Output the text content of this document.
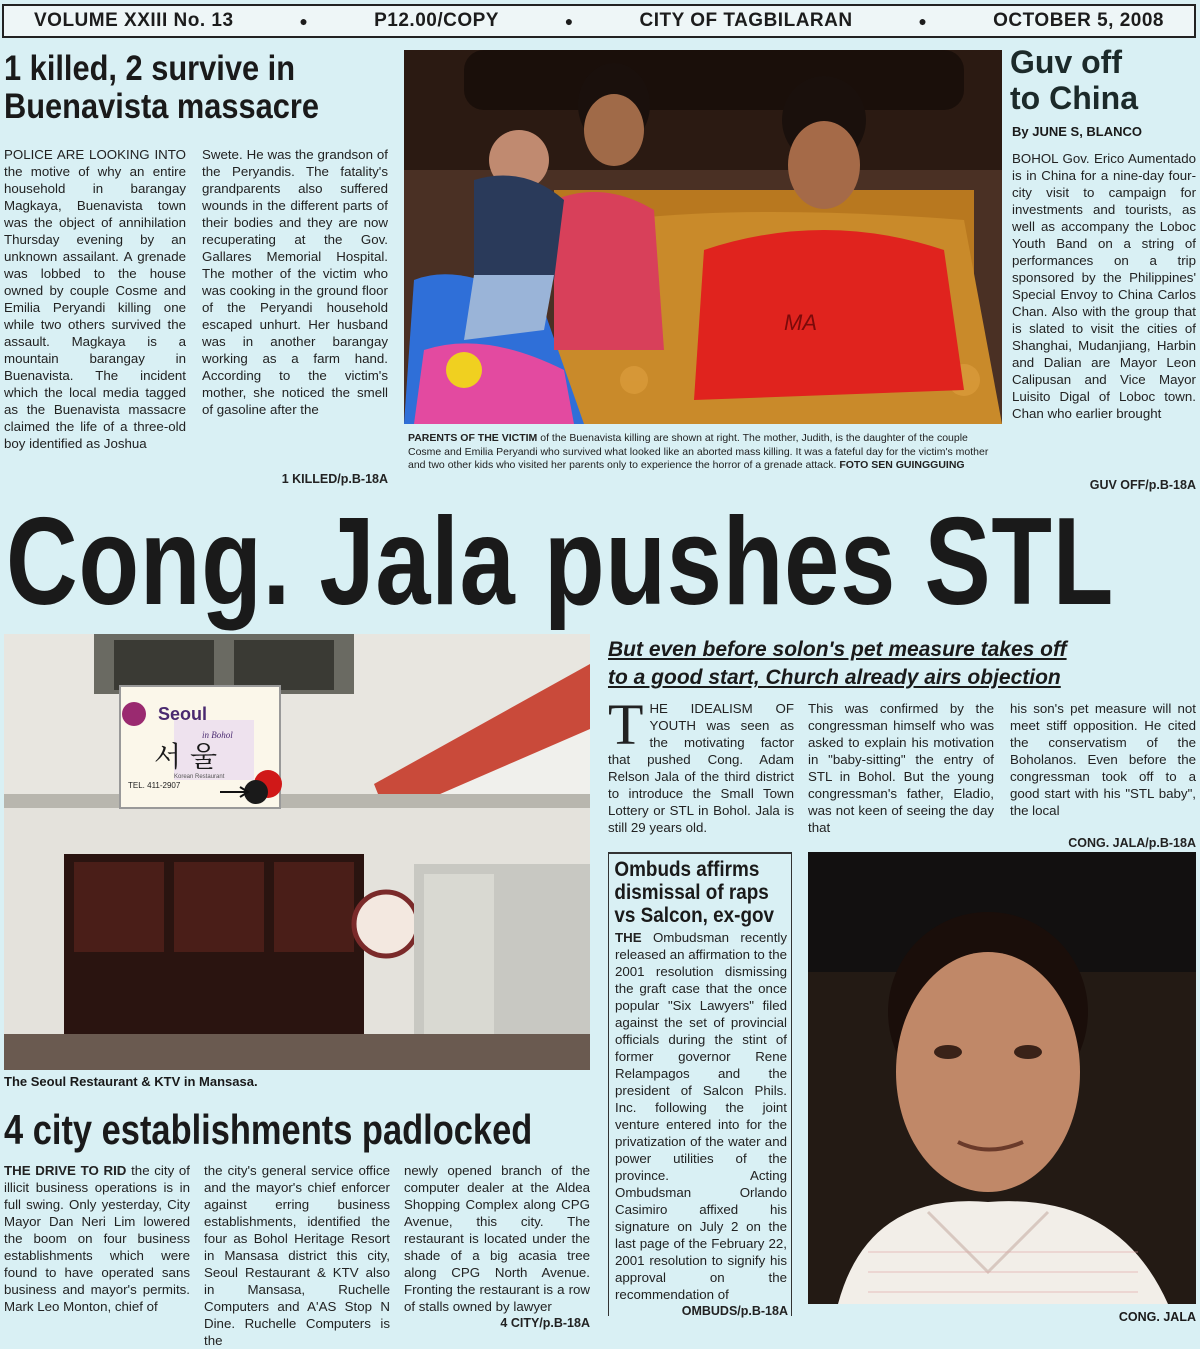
VOLUME XXIII No. 13	●	P12.00/COPY	●	CITY OF TAGBILARAN	●	OCTOBER 5, 2008
1 killed, 2 survive in
Buenavista massacre
POLICE ARE LOOKING INTO the motive of why an entire household in barangay Magkaya, Buenavista town was the object of annihilation Thursday evening by an unknown assailant. A grenade was lobbed to the house owned by couple Cosme and Emilia Peryandi killing one while two others survived the assault. Magkaya is a mountain barangay in Buenavista. The incident which the local media tagged as the Buenavista massacre claimed the life of a three-old boy identified as Joshua
Swete. He was the grandson of the Peryandis. The fatality's grandparents also suffered wounds in the different parts of their bodies and they are now recuperating at the Gov. Gallares Memorial Hospital. The mother of the victim who was cooking in the ground floor of the Peryandi household escaped unhurt. Her husband was in another barangay working as a farm hand. According to the victim's mother, she noticed the smell of gasoline after the
1 KILLED/p.B-18A
MA
PARENTS OF THE VICTIM of the Buenavista killing are shown at right. The mother, Judith, is the daughter of the couple Cosme and Emilia Peryandi who survived what looked like an aborted mass killing. It was a fateful day for the victim's mother and two other kids who visited her parents only to experience the horror of a grenade attack. FOTO SEN GUINGGUING
Guv off
to China
By JUNE S, BLANCO
BOHOL Gov. Erico Aumentado is in China for a nine-day four-city visit to campaign for investments and tourists, as well as accompany the Loboc Youth Band on a string of performances on a trip sponsored by the Philippines' Special Envoy to China Carlos Chan. Also with the group that is slated to visit the cities of Shanghai, Mudanjiang, Harbin and Dalian are Mayor Leon Calipusan and Vice Mayor Luisito Digal of Loboc town. Chan who earlier brought
GUV OFF/p.B-18A
Cong. Jala pushes STL
Seoul
in Bohol
서 울
Korean Restaurant
TEL. 411-2907
The Seoul Restaurant & KTV in Mansasa.
But even before solon's pet measure takes off
to a good start, Church already airs objection
THE IDEALISM OF YOUTH was seen as the motivating factor that pushed Cong. Adam Relson Jala of the third district to introduce the Small Town Lottery or STL in Bohol. Jala is still 29 years old.
This was confirmed by the congressman himself who was asked to explain his motivation in "baby-sitting" the entry of STL in Bohol. But the young congressman's father, Eladio, was not keen of seeing the day that
his son's pet measure will not meet stiff opposition. He cited the conservatism of the Boholanos. Even before the congressman took off to a good start with his "STL baby", the local
CONG. JALA/p.B-18A
Ombuds affirms dismissal of raps vs Salcon, ex-gov
THE Ombudsman recently released an affirmation to the 2001 resolution dismissing the graft case that the once popular "Six Lawyers" filed against the set of provincial officials during the stint of former governor Rene Relampagos and the president of Salcon Phils. Inc. following the joint venture entered into for the privatization of the water and power utilities of the province. Acting Ombudsman Orlando Casimiro affixed his signature on July 2 on the last page of the February 22, 2001 resolution to signify his approval on the recommendation of
OMBUDS/p.B-18A	CONG. JALA
4 city establishments padlocked
THE DRIVE TO RID the city of illicit business operations is in full swing. Only yesterday, City Mayor Dan Neri Lim lowered the boom on four business establishments which were found to have operated sans business and mayor's permits. Mark Leo Monton, chief of
the city's general service office and the mayor's chief enforcer against erring business establishments, identified the four as Bohol Heritage Resort in Mansasa district this city, Seoul Restaurant & KTV also in Mansasa, Ruchelle Computers and A'AS Stop N Dine. Ruchelle Computers is the
newly opened branch of the computer dealer at the Aldea Shopping Complex along CPG Avenue, this city. The restaurant is located under the shade of a big acasia tree along CPG North Avenue. Fronting the restaurant is a row of stalls owned by lawyer
4 CITY/p.B-18A
